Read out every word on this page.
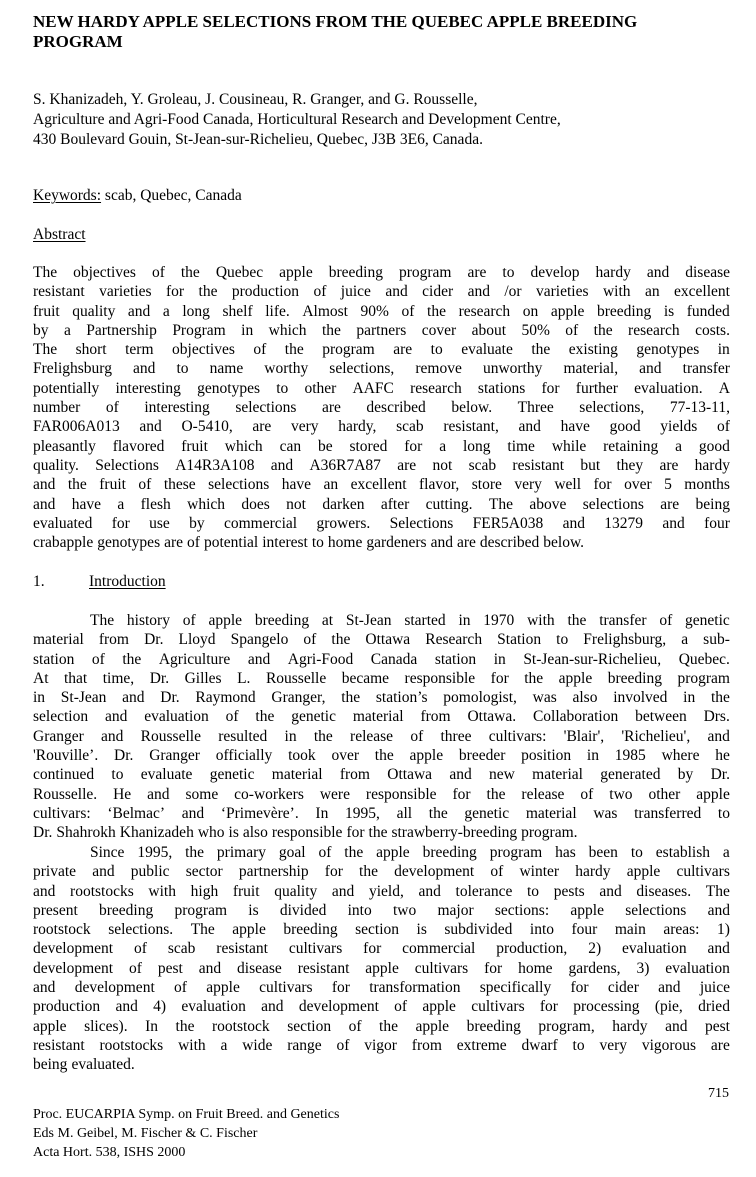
NEW HARDY APPLE SELECTIONS FROM THE QUEBEC APPLE BREEDING
PROGRAM
S. Khanizadeh, Y. Groleau, J. Cousineau, R. Granger, and G. Rousselle,
Agriculture and Agri-Food Canada, Horticultural Research and Development Centre,
430 Boulevard Gouin, St-Jean-sur-Richelieu, Quebec, J3B 3E6, Canada.
Keywords: scab, Quebec, Canada
Abstract
The objectives of the Quebec apple breeding program are to develop hardy and disease
resistant varieties for the production of juice and cider and /or varieties with an excellent
fruit quality and a long shelf life. Almost 90% of the research on apple breeding is funded
by a Partnership Program in which the partners cover about 50% of the research costs.
The short term objectives of the program are to evaluate the existing genotypes in
Frelighsburg and to name worthy selections, remove unworthy material, and transfer
potentially interesting genotypes to other AAFC research stations for further evaluation. A
number of interesting selections are described below. Three selections, 77-13-11,
FAR006A013 and O-5410, are very hardy, scab resistant, and have good yields of
pleasantly flavored fruit which can be stored for a long time while retaining a good
quality. Selections A14R3A108 and A36R7A87 are not scab resistant but they are hardy
and the fruit of these selections have an excellent flavor, store very well for over 5 months
and have a flesh which does not darken after cutting. The above selections are being
evaluated for use by commercial growers. Selections FER5A038 and 13279 and four
crabapple genotypes are of potential interest to home gardeners and are described below.
1.	Introduction
The history of apple breeding at St-Jean started in 1970 with the transfer of genetic
material from Dr. Lloyd Spangelo of the Ottawa Research Station to Frelighsburg, a sub-
station of the Agriculture and Agri-Food Canada station in St-Jean-sur-Richelieu, Quebec.
At that time, Dr. Gilles L. Rousselle became responsible for the apple breeding program
in St-Jean and Dr. Raymond Granger, the station’s pomologist, was also involved in the
selection and evaluation of the genetic material from Ottawa. Collaboration between Drs.
Granger and Rousselle resulted in the release of three cultivars: 'Blair', 'Richelieu', and
'Rouville’. Dr. Granger officially took over the apple breeder position in 1985 where he
continued to evaluate genetic material from Ottawa and new material generated by Dr.
Rousselle. He and some co-workers were responsible for the release of two other apple
cultivars: ‘Belmac’ and ‘Primevère’. In 1995, all the genetic material was transferred to
Dr. Shahrokh Khanizadeh who is also responsible for the strawberry-breeding program.
Since 1995, the primary goal of the apple breeding program has been to establish a
private and public sector partnership for the development of winter hardy apple cultivars
and rootstocks with high fruit quality and yield, and tolerance to pests and diseases. The
present breeding program is divided into two major sections: apple selections and
rootstock selections. The apple breeding section is subdivided into four main areas: 1)
development of scab resistant cultivars for commercial production, 2) evaluation and
development of pest and disease resistant apple cultivars for home gardens, 3) evaluation
and development of apple cultivars for transformation specifically for cider and juice
production and 4) evaluation and development of apple cultivars for processing (pie, dried
apple slices). In the rootstock section of the apple breeding program, hardy and pest
resistant rootstocks with a wide range of vigor from extreme dwarf to very vigorous are
being evaluated.
715
Proc. EUCARPIA Symp. on Fruit Breed. and Genetics
Eds M. Geibel, M. Fischer & C. Fischer
Acta Hort. 538, ISHS 2000
